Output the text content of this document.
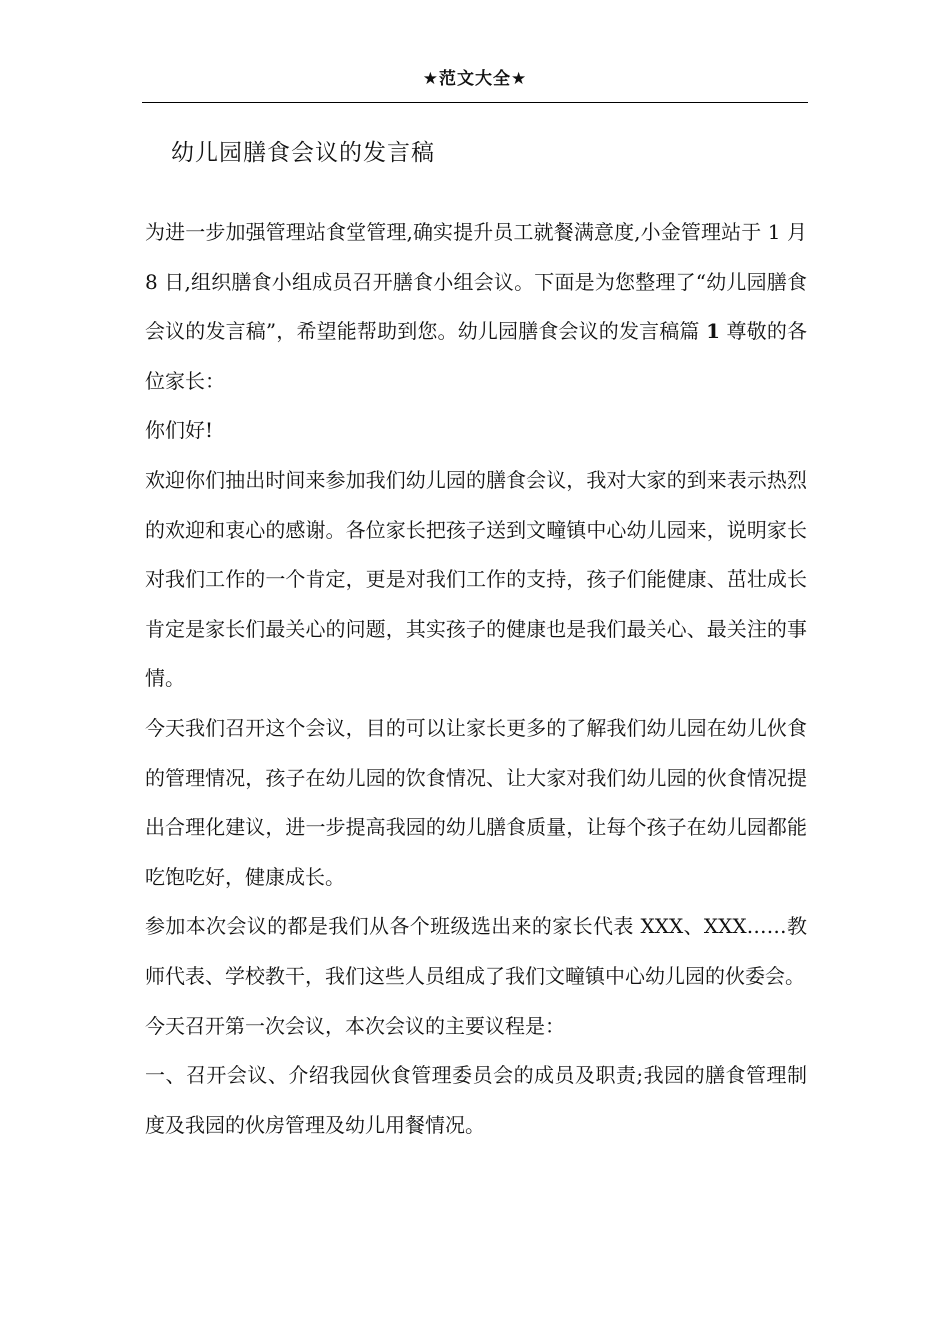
★范文大全★
幼儿园膳食会议的发言稿

为进一步加强管理站食堂管理,确实提升员工就餐满意度,小金管理站于 1 月 8 日,组织膳食小组成员召开膳食小组会议。下面是为您整理了“幼儿园膳食会议的发言稿”，希望能帮助到您。幼儿园膳食会议的发言稿篇 1 尊敬的各位家长：

你们好!

欢迎你们抽出时间来参加我们幼儿园的膳食会议，我对大家的到来表示热烈的欢迎和衷心的感谢。各位家长把孩子送到文疃镇中心幼儿园来，说明家长对我们工作的一个肯定，更是对我们工作的支持，孩子们能健康、茁壮成长肯定是家长们最关心的问题，其实孩子的健康也是我们最关心、最关注的事情。

今天我们召开这个会议，目的可以让家长更多的了解我们幼儿园在幼儿伙食的管理情况，孩子在幼儿园的饮食情况、让大家对我们幼儿园的伙食情况提出合理化建议，进一步提高我园的幼儿膳食质量，让每个孩子在幼儿园都能吃饱吃好，健康成长。

参加本次会议的都是我们从各个班级选出来的家长代表 XXX、XXX……教师代表、学校教干，我们这些人员组成了我们文疃镇中心幼儿园的伙委会。

今天召开第一次会议，本次会议的主要议程是：

一、召开会议、介绍我园伙食管理委员会的成员及职责;我园的膳食管理制度及我园的伙房管理及幼儿用餐情况。
